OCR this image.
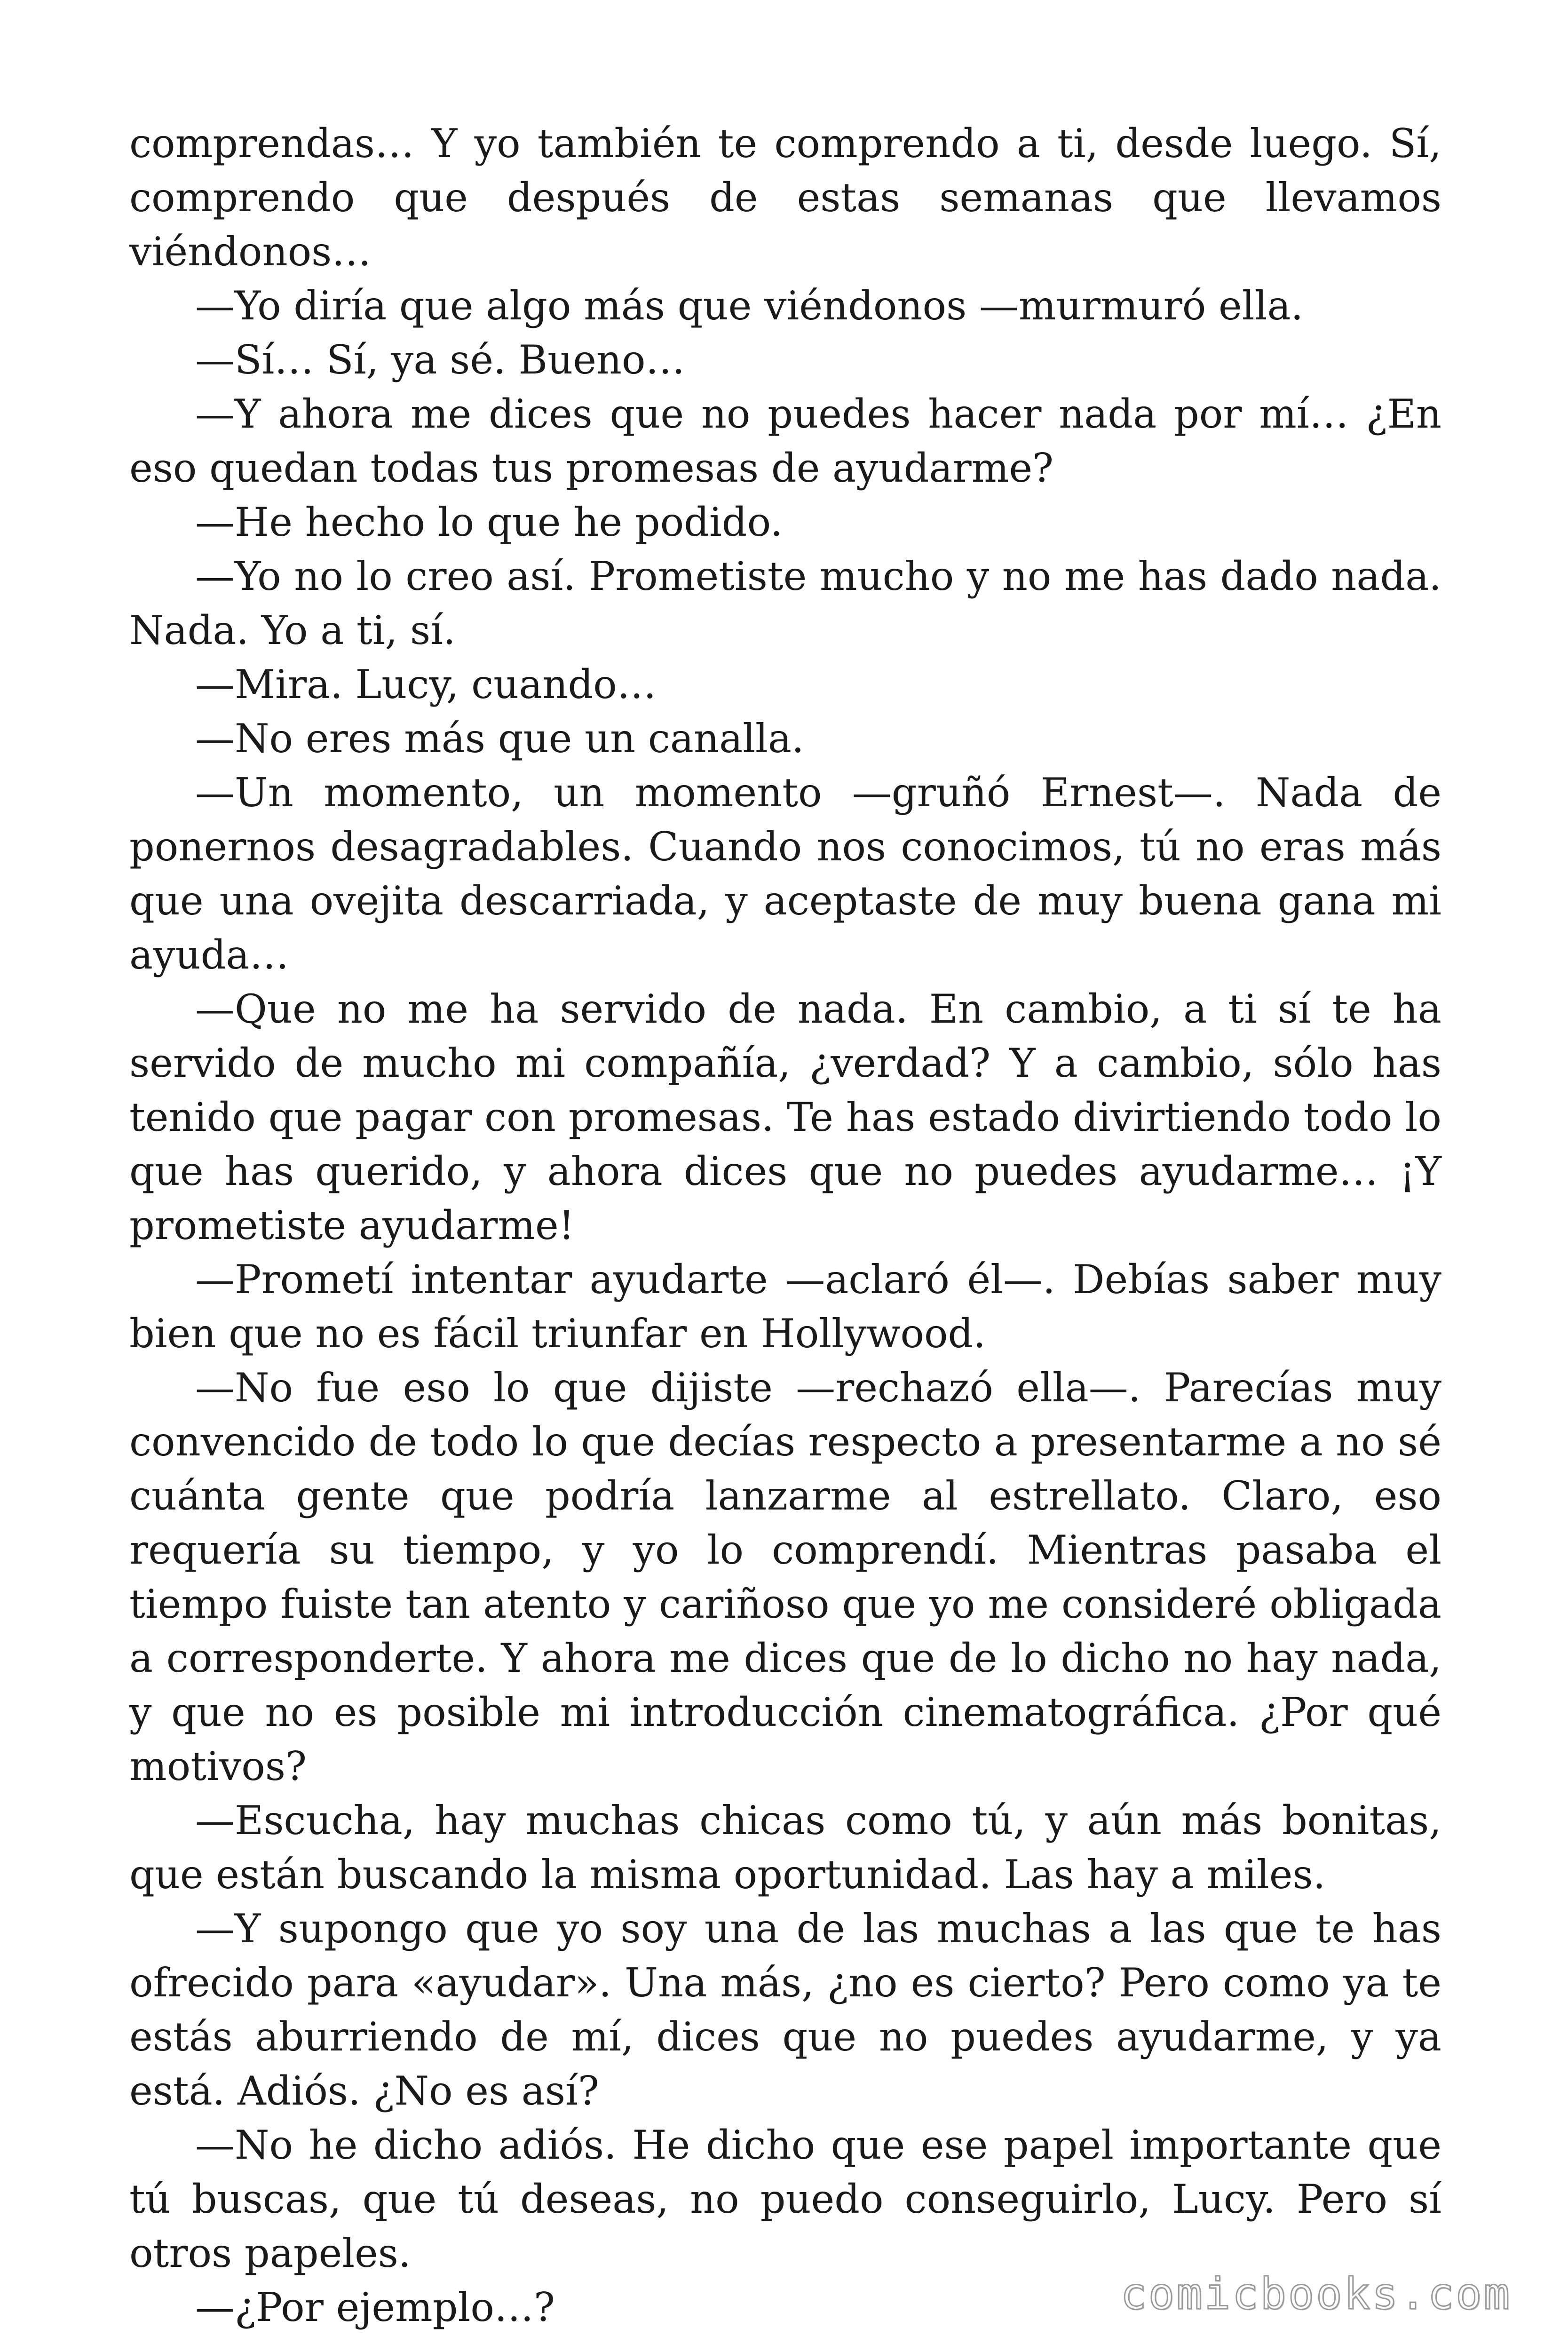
comprendas… Y yo también te comprendo a ti, desde luego. Sí, comprendo que después de estas semanas que llevamos viéndonos…

—Yo diría que algo más que viéndonos —murmuró ella.

—Sí… Sí, ya sé. Bueno…

—Y ahora me dices que no puedes hacer nada por mí… ¿En eso quedan todas tus promesas de ayudarme?

—He hecho lo que he podido.

—Yo no lo creo así. Prometiste mucho y no me has dado nada. Nada. Yo a ti, sí.

—Mira. Lucy, cuando…

—No eres más que un canalla.

—Un momento, un momento —gruñó Ernest—. Nada de ponernos desagradables. Cuando nos conocimos, tú no eras más que una ovejita descarriada, y aceptaste de muy buena gana mi ayuda…

—Que no me ha servido de nada. En cambio, a ti sí te ha servido de mucho mi compañía, ¿verdad? Y a cambio, sólo has tenido que pagar con promesas. Te has estado divirtiendo todo lo que has querido, y ahora dices que no puedes ayudarme… ¡Y prometiste ayudarme!

—Prometí intentar ayudarte —aclaró él—. Debías saber muy bien que no es fácil triunfar en Hollywood.

—No fue eso lo que dijiste —rechazó ella—. Parecías muy convencido de todo lo que decías respecto a presentarme a no sé cuánta gente que podría lanzarme al estrellato. Claro, eso requería su tiempo, y yo lo comprendí. Mientras pasaba el tiempo fuiste tan atento y cariñoso que yo me consideré obligada a corresponderte. Y ahora me dices que de lo dicho no hay nada, y que no es posible mi introducción cinematográfica. ¿Por qué motivos?

—Escucha, hay muchas chicas como tú, y aún más bonitas, que están buscando la misma oportunidad. Las hay a miles.

—Y supongo que yo soy una de las muchas a las que te has ofrecido para «ayudar». Una más, ¿no es cierto? Pero como ya te estás aburriendo de mí, dices que no puedes ayudarme, y ya está. Adiós. ¿No es así?

—No he dicho adiós. He dicho que ese papel importante que tú buscas, que tú deseas, no puedo conseguirlo, Lucy. Pero sí otros papeles.

—¿Por ejemplo…?	comicbooks.com
